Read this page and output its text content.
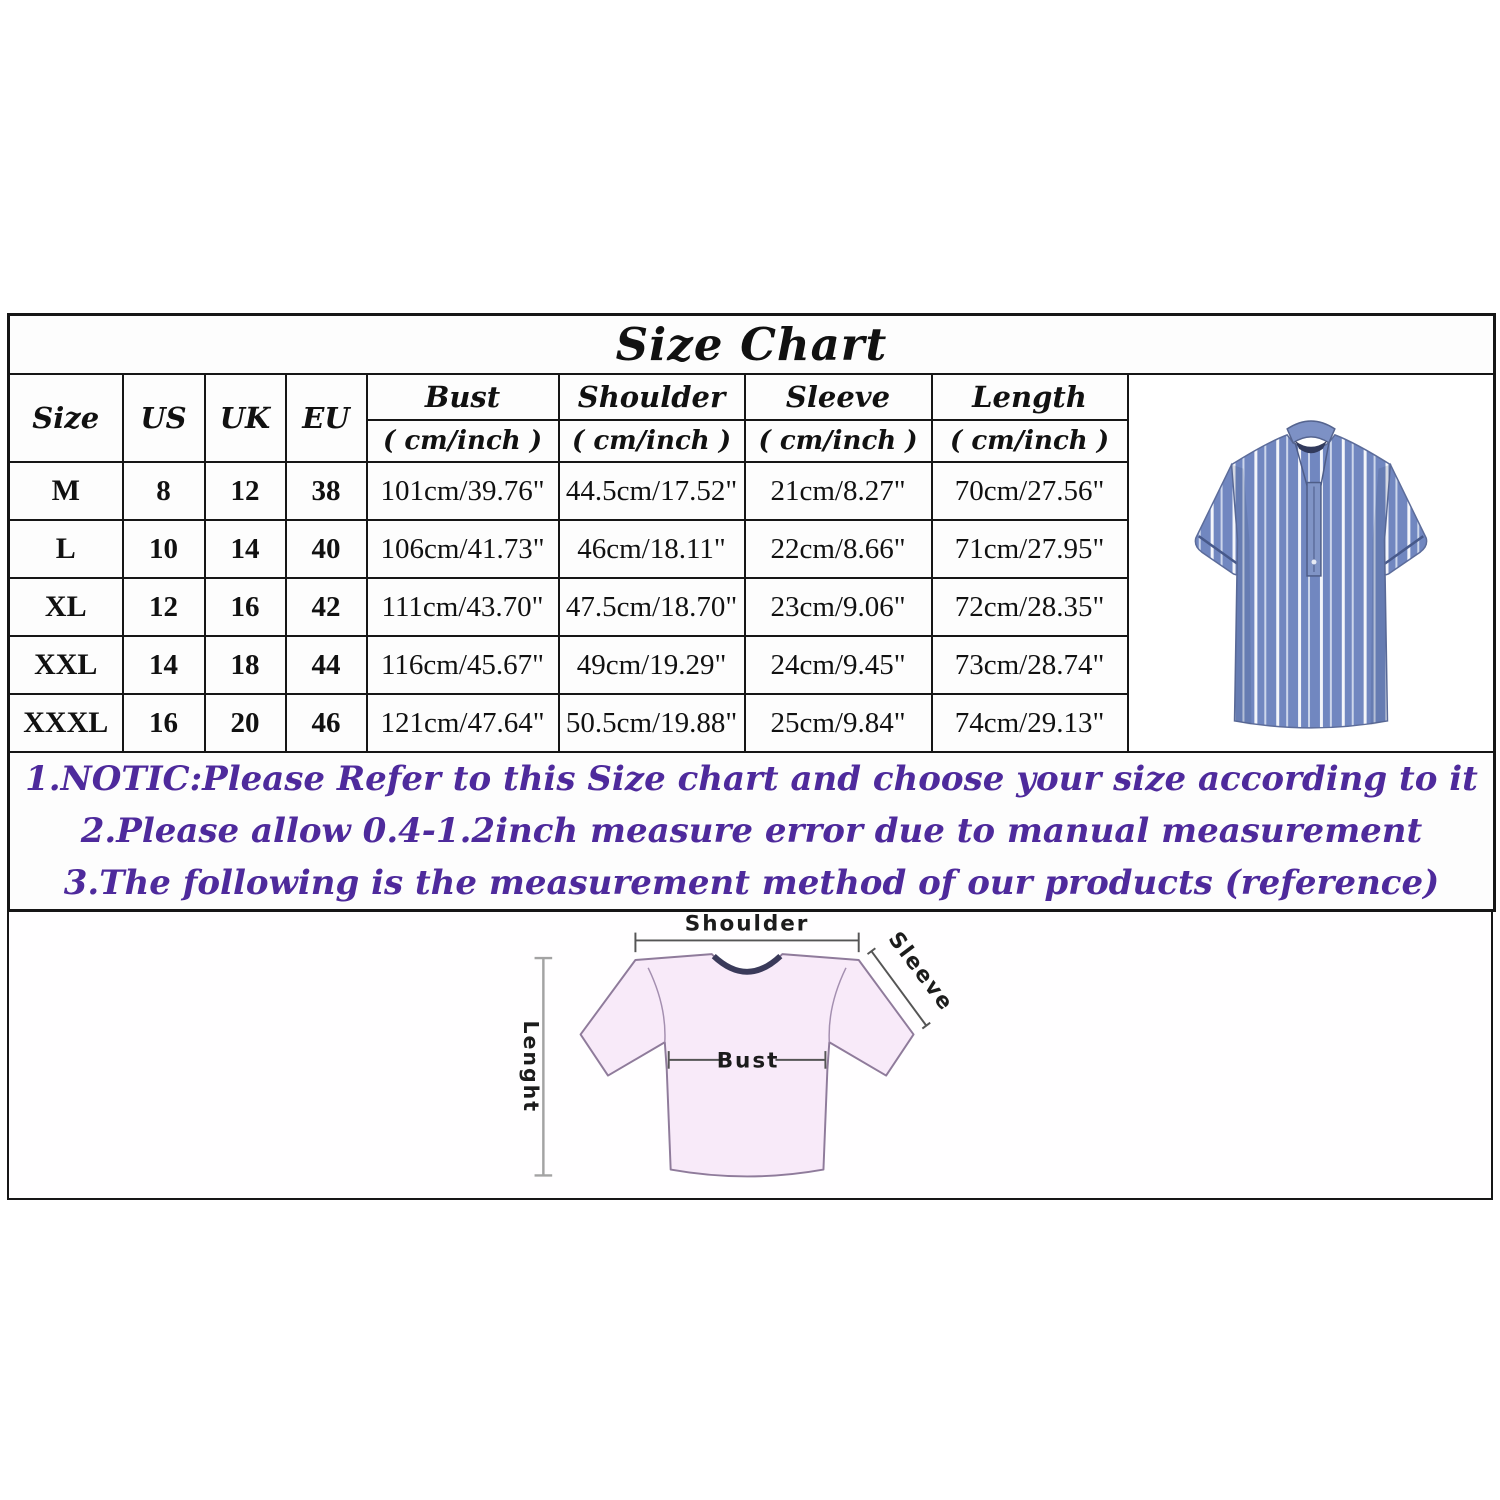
Size Chart								
Size	US	UK	EU	Bust	Shoulder	Sleeve	Length	

				( cm/inch )	( cm/inch )	( cm/inch )	( cm/inch )	
M	8	12	38	101cm/39.76"	44.5cm/17.52"	21cm/8.27"	70cm/27.56"	
L	10	14	40	106cm/41.73"	46cm/18.11"	22cm/8.66"	71cm/27.95"	
XL	12	16	42	111cm/43.70"	47.5cm/18.70"	23cm/9.06"	72cm/28.35"	
XXL	14	18	44	116cm/45.67"	49cm/19.29"	24cm/9.45"	73cm/28.74"	
XXXL	16	20	46	121cm/47.64"	50.5cm/19.88"	25cm/9.84"	74cm/29.13"	

1.NOTIC:Please Refer to this Size chart and choose your size according to it
2.Please allow 0.4-1.2inch measure error due to manual measurement
3.The following is the measurement method of our products (reference)								
Shoulder
Sleeve
Lenght	Bust
